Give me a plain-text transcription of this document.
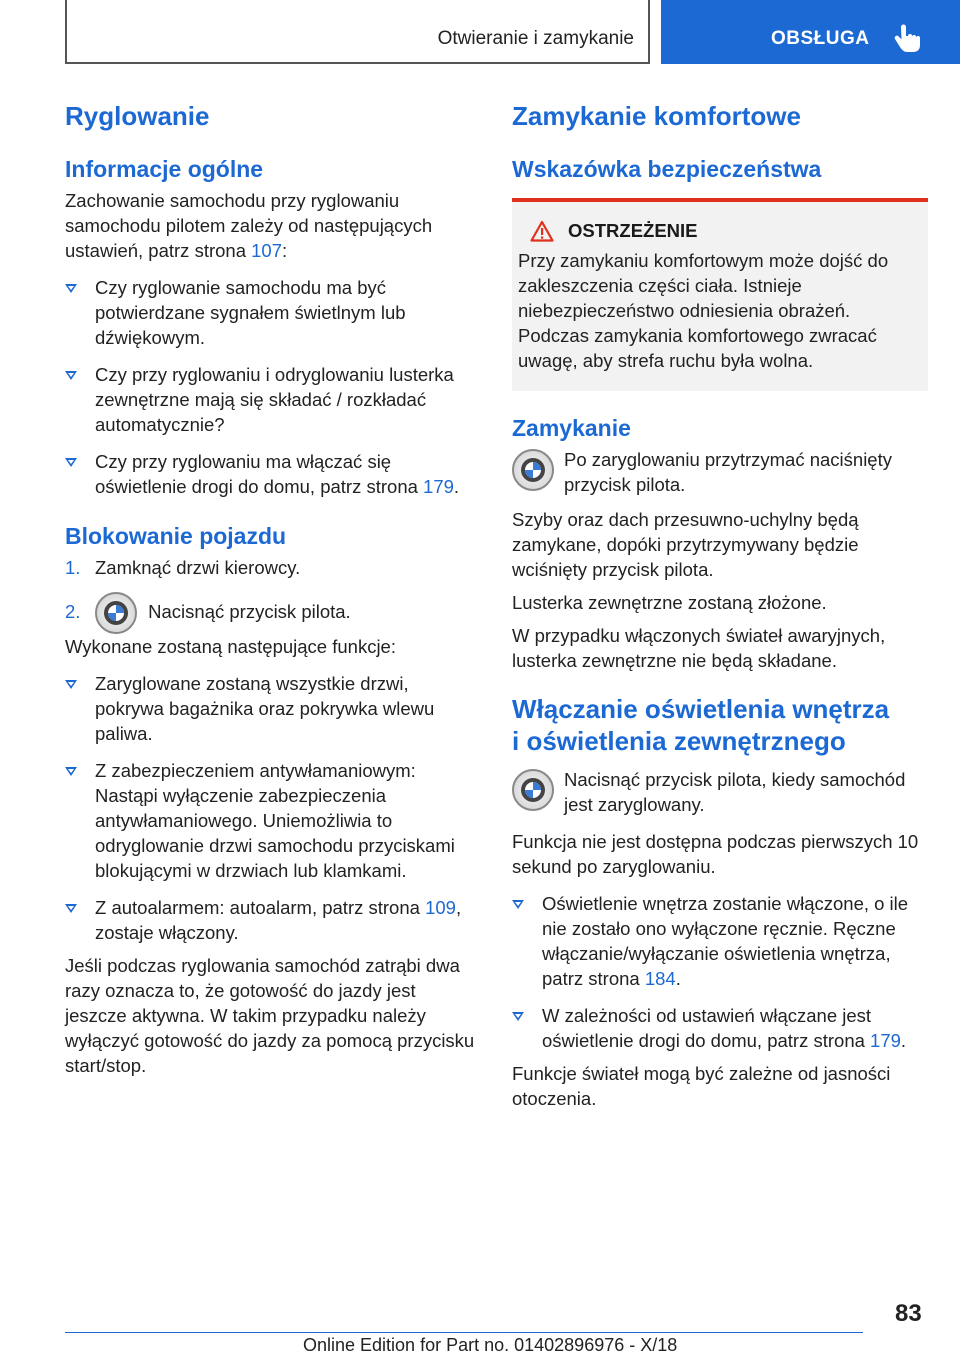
Otwieranie i zamykanie	OBSŁUGA
Ryglowanie
Informacje ogólne

Zachowanie samochodu przy ryglowaniu samochodu pilotem zależy od następujących ustawień, patrz strona 107:

Czy ryglowanie samochodu ma być potwierdzane sygnałem świetlnym lub dźwiękowym.
Czy przy ryglowaniu i odryglowaniu lusterka zewnętrzne mają się składać / rozkładać automatycznie?
Czy przy ryglowaniu ma włączać się oświetlenie drogi do domu, patrz strona 179.
Blokowanie pojazdu
1. Zamknąć drzwi kierowcy.
2.	Nacisnąć przycisk pilota.

Wykonane zostaną następujące funkcje:

Zaryglowane zostaną wszystkie drzwi, pokrywa bagażnika oraz pokrywka wlewu paliwa.
Z zabezpieczeniem antywłamaniowym: Nastąpi wyłączenie zabezpieczenia antywłamaniowego. Uniemożliwia to odryglowanie drzwi samochodu przyciskami blokującymi w drzwiach lub klamkami.
Z autoalarmem: autoalarm, patrz strona 109, zostaje włączony.

Jeśli podczas ryglowania samochód zatrąbi dwa razy oznacza to, że gotowość do jazdy jest jeszcze aktywna. W takim przypadku należy wyłączyć gotowość do jazdy za pomocą przycisku start/stop.

Zamykanie komfortowe
Wskazówka bezpieczeństwa
OSTRZEŻENIE

Przy zamykaniu komfortowym może dojść do zakleszczenia części ciała. Istnieje niebezpieczeństwo odniesienia obrażeń. Podczas zamykania komfortowego zwracać uwagę, aby strefa ruchu była wolna.

Zamykanie

Po zaryglowaniu przytrzymać naciśnięty przycisk pilota.

Szyby oraz dach przesuwno-uchylny będą zamykane, dopóki przytrzymywany będzie wciśnięty przycisk pilota.

Lusterka zewnętrzne zostaną złożone.

W przypadku włączonych świateł awaryjnych, lusterka zewnętrzne nie będą składane.

Włączanie oświetlenia wnętrza
i oświetlenia zewnętrznego

Nacisnąć przycisk pilota, kiedy samochód jest zaryglowany.

Funkcja nie jest dostępna podczas pierwszych 10 sekund po zaryglowaniu.

Oświetlenie wnętrza zostanie włączone, o ile nie zostało ono wyłączone ręcznie. Ręczne włączanie/wyłączanie oświetlenia wnętrza, patrz strona 184.
W zależności od ustawień włączane jest oświetlenie drogi do domu, patrz strona 179.

Funkcje świateł mogą być zależne od jasności otoczenia.

83
Online Edition for Part no. 01402896976 - X/18
